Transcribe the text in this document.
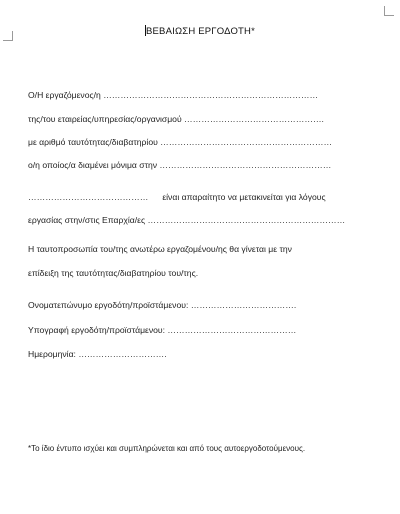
ΒΕΒΑΙΩΣΗ ΕΡΓΟΔΟΤΗ*
Ο/Η εργαζόμενος/η …………………………………………………………………
της/του εταιρείας/υπηρεσίας/οργανισμού ………………………………………….
με αριθμό ταυτότητας/διαβατηρίου ……………………………………………………
ο/η οποίος/α διαμένει μόνιμα στην ……………………………………………………
…………………………………… είναι απαραίτητο να μετακινείται για λόγους
εργασίας στην/στις Επαρχία/ες ……………………………………………………………
Η ταυτοπροσωπία του/της ανωτέρω εργαζομένου/ης θα γίνεται με την
επίδειξη της ταυτότητας/διαβατηρίου του/της.
Ονοματεπώνυμο εργοδότη/προϊστάμενου: ……………………………….
Υπογραφή εργοδότη/προϊστάμενου: ………………………………………
Ημερομηνία: ………………………….
*Το ίδιο έντυπο ισχύει και συμπληρώνεται και από τους αυτοεργοδοτούμενους.
